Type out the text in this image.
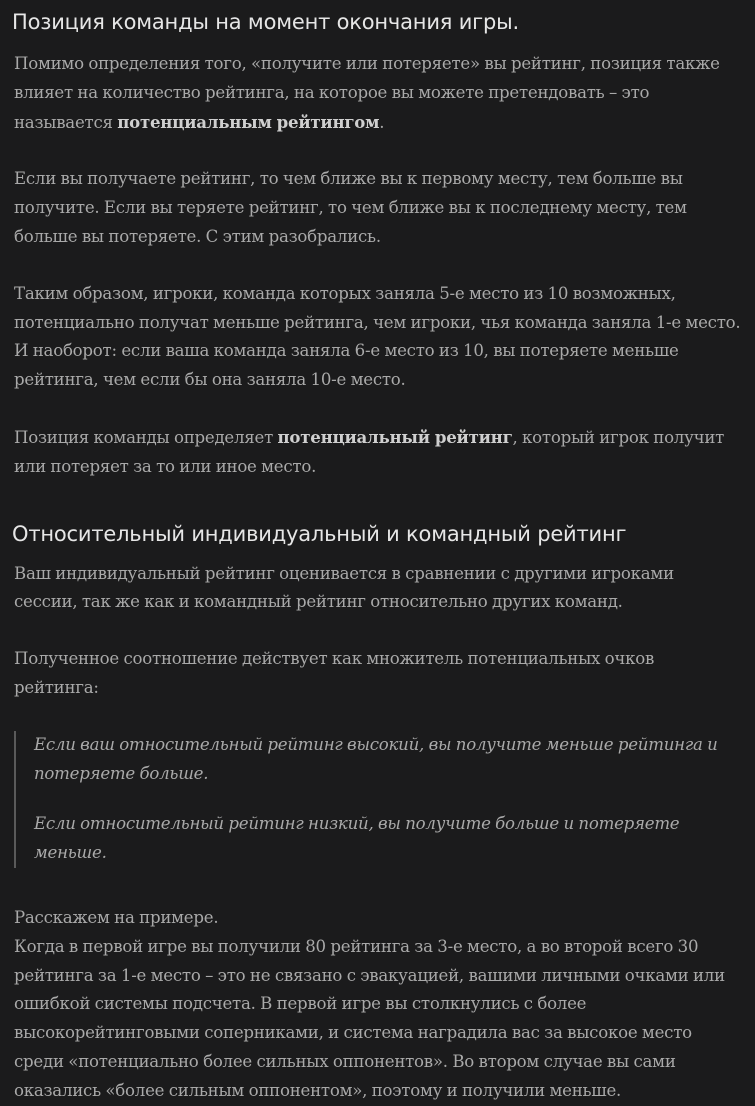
Позиция команды на момент окончания игры.

Помимо определения того, «получите или потеряете» вы рейтинг, позиция также влияет на количество рейтинга, на которое вы можете претендовать – это называется потенциальным рейтингом.

Если вы получаете рейтинг, то чем ближе вы к первому месту, тем больше вы получите. Если вы теряете рейтинг, то чем ближе вы к последнему месту, тем больше вы потеряете. С этим разобрались.

Таким образом, игроки, команда которых заняла 5-е место из 10 возможных, потенциально получат меньше рейтинга, чем игроки, чья команда заняла 1-е место. И наоборот: если ваша команда заняла 6-е место из 10, вы потеряете меньше рейтинга, чем если бы она заняла 10-е место.

Позиция команды определяет потенциальный рейтинг, который игрок получит или потеряет за то или иное место.

Относительный индивидуальный и командный рейтинг

Ваш индивидуальный рейтинг оценивается в сравнении с другими игроками сессии, так же как и командный рейтинг относительно других команд.

Полученное соотношение действует как множитель потенциальных очков рейтинга:

Если ваш относительный рейтинг высокий, вы получите меньше рейтинга и потеряете больше.

Если относительный рейтинг низкий, вы получите больше и потеряете меньше.

Расскажем на примере.

Когда в первой игре вы получили 80 рейтинга за 3-е место, а во второй всего 30 рейтинга за 1-е место – это не связано с эвакуацией, вашими личными очками или ошибкой системы подсчета. В первой игре вы столкнулись с более высокорейтинговыми соперниками, и система наградила вас за высокое место среди «потенциально более сильных оппонентов». Во втором случае вы сами оказались «более сильным оппонентом», поэтому и получили меньше.
